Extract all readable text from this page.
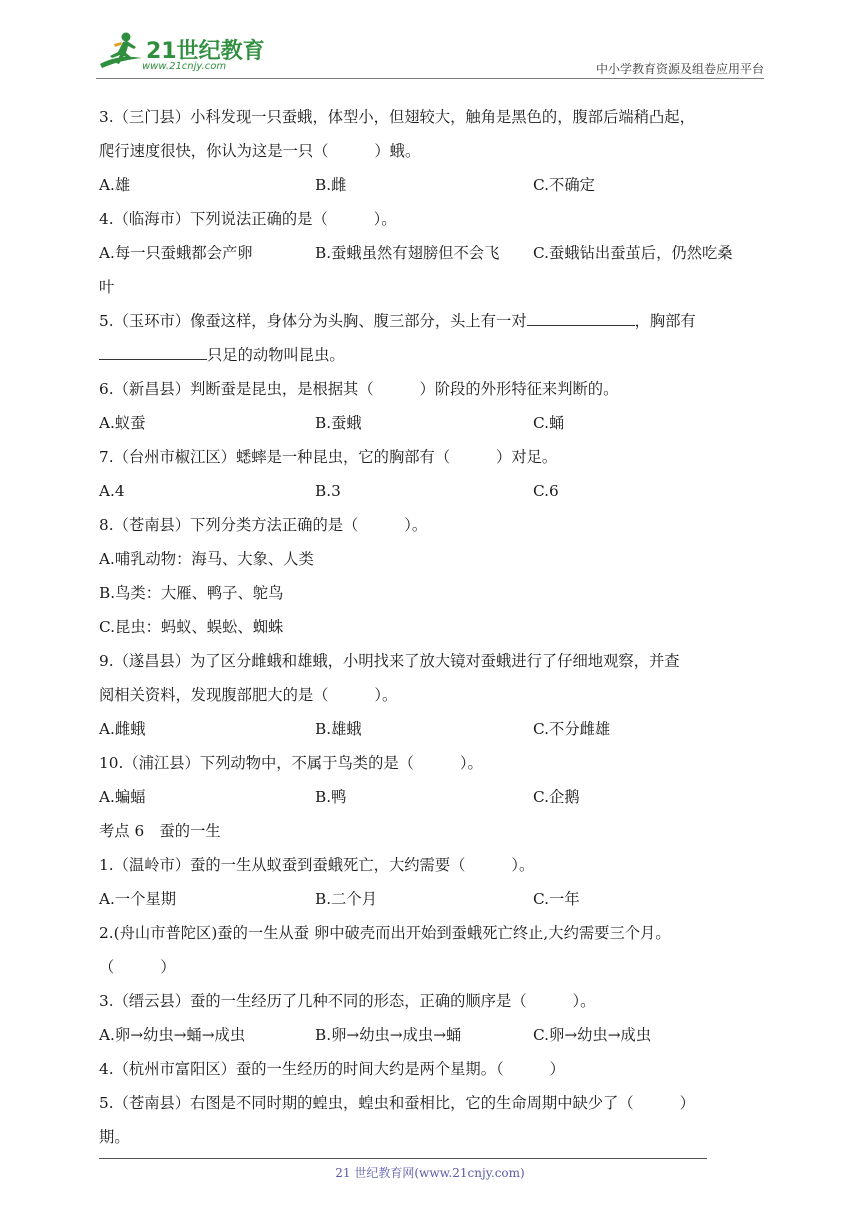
21世纪教育
www.21cnjy.com	中小学教育资源及组卷应用平台
3.（三门县）小科发现一只蚕蛾，体型小，但翅较大，触角是黑色的，腹部后端稍凸起，
爬行速度很快，你认为这是一只（　　　）蛾。
A.雄	B.雌	C.不确定
4.（临海市）下列说法正确的是（　　　）。
A.每一只蚕蛾都会产卵	B.蚕蛾虽然有翅膀但不会飞	C.蚕蛾钻出蚕茧后，仍然吃桑
叶
5.（玉环市）像蚕这样，身体分为头胸、腹三部分，头上有一对	，胸部有
只足的动物叫昆虫。
6.（新昌县）判断蚕是昆虫，是根据其（　　　）阶段的外形特征来判断的。
A.蚁蚕	B.蚕蛾	C.蛹
7.（台州市椒江区）蟋蟀是一种昆虫，它的胸部有（　　　）对足。
A.4	B.3	C.6
8.（苍南县）下列分类方法正确的是（　　　）。
A.哺乳动物：海马、大象、人类
B.鸟类：大雁、鸭子、鸵鸟
C.昆虫：蚂蚁、蜈蚣、蜘蛛
9.（遂昌县）为了区分雌蛾和雄蛾，小明找来了放大镜对蚕蛾进行了仔细地观察，并查
阅相关资料，发现腹部肥大的是（　　　）。
A.雌蛾	B.雄蛾	C.不分雌雄
10.（浦江县）下列动物中，不属于鸟类的是（　　　）。
A.蝙蝠	B.鸭	C.企鹅
考点 6　蚕的一生
1.（温岭市）蚕的一生从蚁蚕到蚕蛾死亡，大约需要（　　　）。
A.一个星期	B.二个月	C.一年
2.(舟山市普陀区)蚕的一生从蚕 卵中破壳而出开始到蚕蛾死亡终止,大约需要三个月。
（　　　）
3.（缙云县）蚕的一生经历了几种不同的形态，正确的顺序是（　　　）。
A.卵→幼虫→蛹→成虫	B.卵→幼虫→成虫→蛹	C.卵→幼虫→成虫
4.（杭州市富阳区）蚕的一生经历的时间大约是两个星期。（　　　）
5.（苍南县）右图是不同时期的蝗虫，蝗虫和蚕相比，它的生命周期中缺少了（　　　）
期。
21 世纪教育网(www.21cnjy.com)
